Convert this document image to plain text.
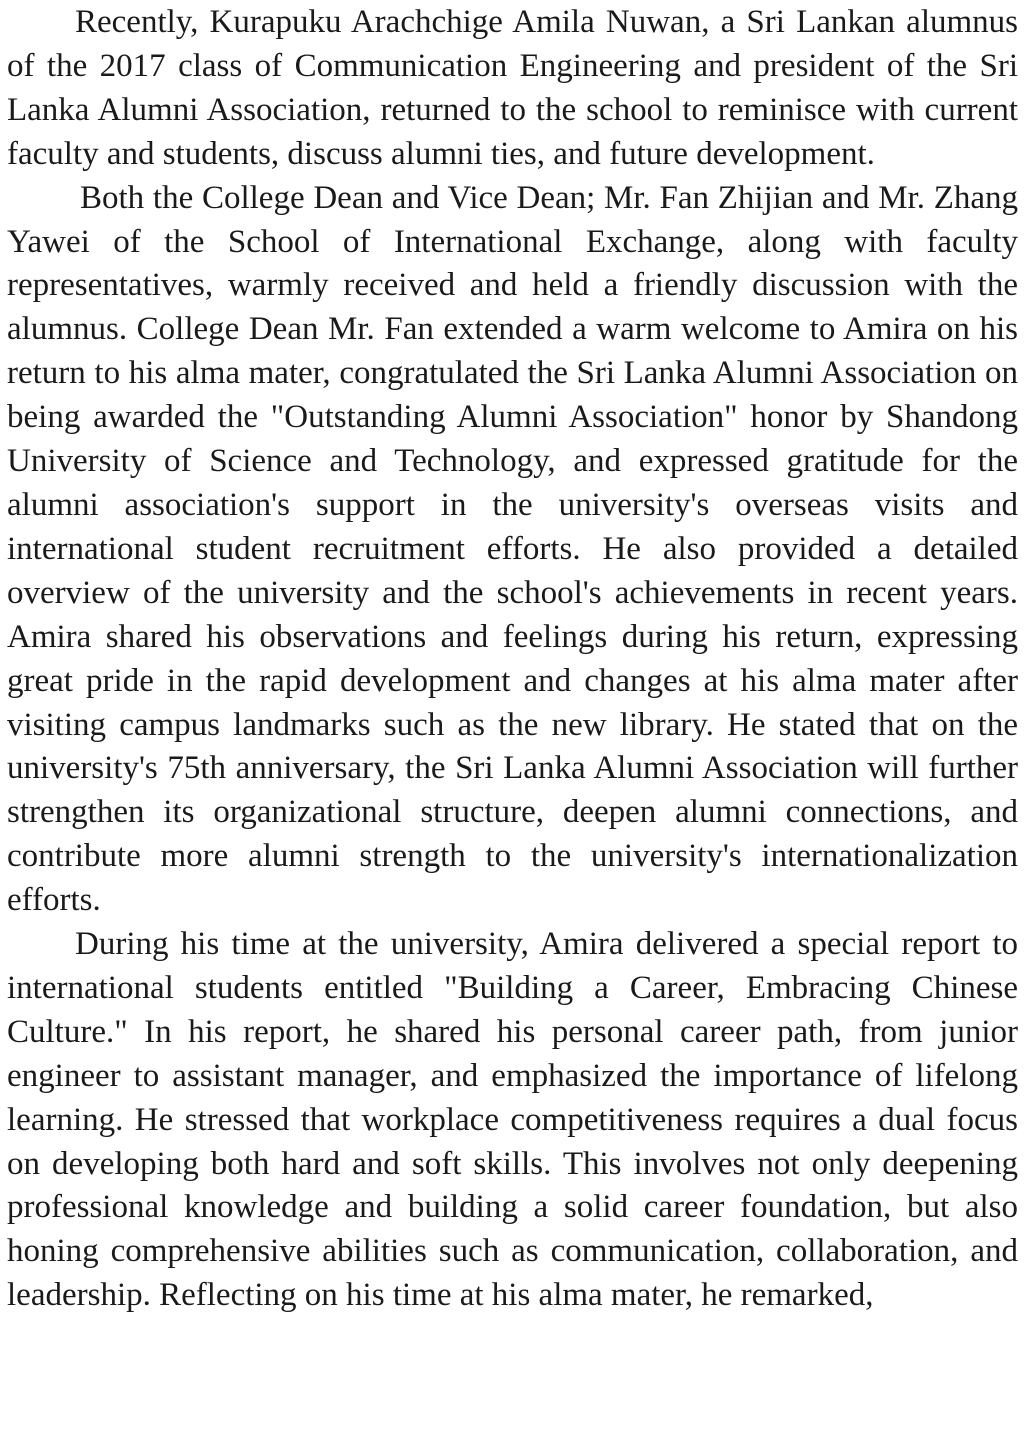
Recently, Kurapuku Arachchige Amila Nuwan, a Sri Lankan alumnus of the 2017 class of Communication Engineering and president of the Sri Lanka Alumni Association, returned to the school to reminisce with current faculty and students, discuss alumni ties, and future development.

Both the College Dean and Vice Dean; Mr. Fan Zhijian and Mr. Zhang Yawei of the School of International Exchange, along with faculty representatives, warmly received and held a friendly discussion with the alumnus. College Dean Mr. Fan extended a warm welcome to Amira on his return to his alma mater, congratulated the Sri Lanka Alumni Association on being awarded the "Outstanding Alumni Association" honor by Shandong University of Science and Technology, and expressed gratitude for the alumni association's support in the university's overseas visits and international student recruitment efforts. He also provided a detailed overview of the university and the school's achievements in recent years. Amira shared his observations and feelings during his return, expressing great pride in the rapid development and changes at his alma mater after visiting campus landmarks such as the new library. He stated that on the university's 75th anniversary, the Sri Lanka Alumni Association will further strengthen its organizational structure, deepen alumni connections, and contribute more alumni strength to the university's internationalization efforts.

During his time at the university, Amira delivered a special report to international students entitled "Building a Career, Embracing Chinese Culture." In his report, he shared his personal career path, from junior engineer to assistant manager, and emphasized the importance of lifelong learning. He stressed that workplace competitiveness requires a dual focus on developing both hard and soft skills. This involves not only deepening professional knowledge and building a solid career foundation, but also honing comprehensive abilities such as communication, collaboration, and leadership. Reflecting on his time at his alma mater, he remarked,
